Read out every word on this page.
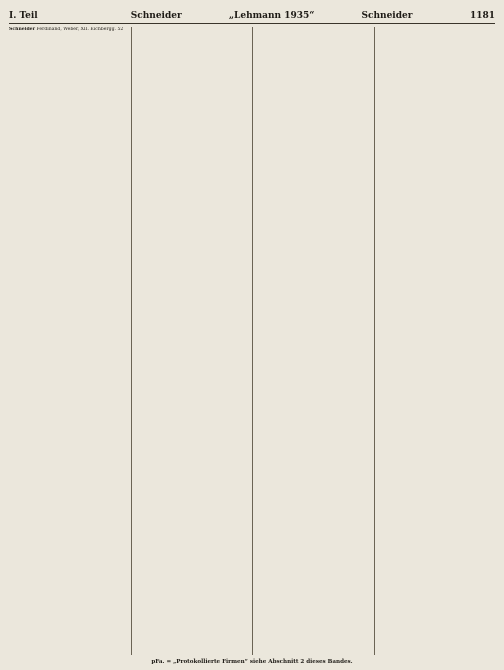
I. Teil	Schneider	„Lehmann 1935“	Schneider	1181
Schneider Ferdinand, Weber, XII. Eichbergg. 52
pFa. = „Protokollierte Firmen“ siehe Abschnitt 2 dieses Bandes.
